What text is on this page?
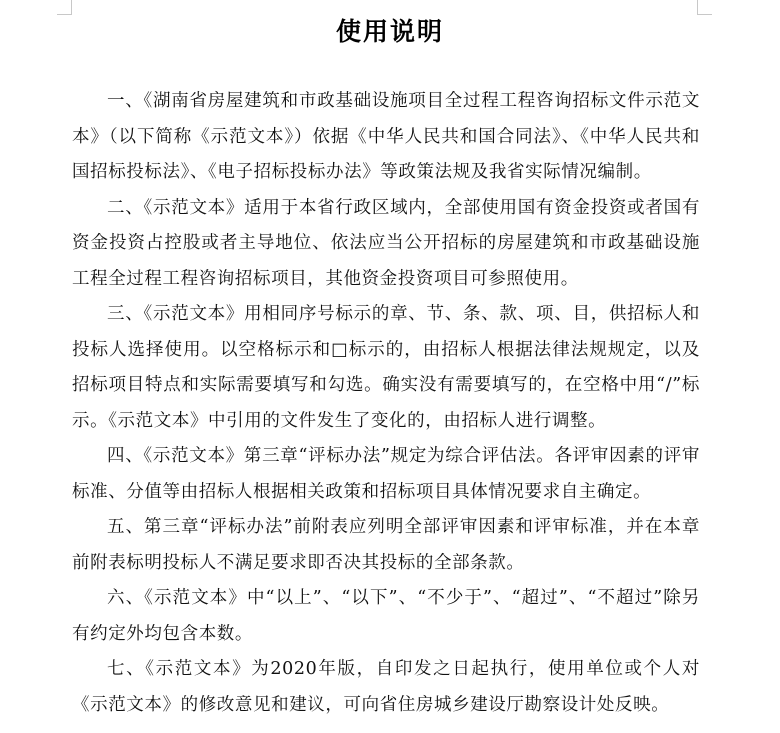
使用说明

一、《湖南省房屋建筑和市政基础设施项目全过程工程咨询招标文件示范文本》（以下简称《示范文本》）依据《中华人民共和国合同法》、《中华人民共和国招标投标法》、《电子招标投标办法》等政策法规及我省实际情况编制。

二、《示范文本》适用于本省行政区域内，全部使用国有资金投资或者国有资金投资占控股或者主导地位、依法应当公开招标的房屋建筑和市政基础设施工程全过程工程咨询招标项目，其他资金投资项目可参照使用。

三、《示范文本》用相同序号标示的章、节、条、款、项、目，供招标人和投标人选择使用。以空格标示和□标示的，由招标人根据法律法规规定，以及招标项目特点和实际需要填写和勾选。确实没有需要填写的，在空格中用“/”标示。《示范文本》中引用的文件发生了变化的，由招标人进行调整。

四、《示范文本》第三章“评标办法”规定为综合评估法。各评审因素的评审标准、分值等由招标人根据相关政策和招标项目具体情况要求自主确定。

五、第三章“评标办法”前附表应列明全部评审因素和评审标准，并在本章前附表标明投标人不满足要求即否决其投标的全部条款。

六、《示范文本》中“以上”、“以下”、“不少于”、“超过”、“不超过”除另有约定外均包含本数。

七、《示范文本》为2020年版，自印发之日起执行，使用单位或个人对《示范文本》的修改意见和建议，可向省住房城乡建设厅勘察设计处反映。
